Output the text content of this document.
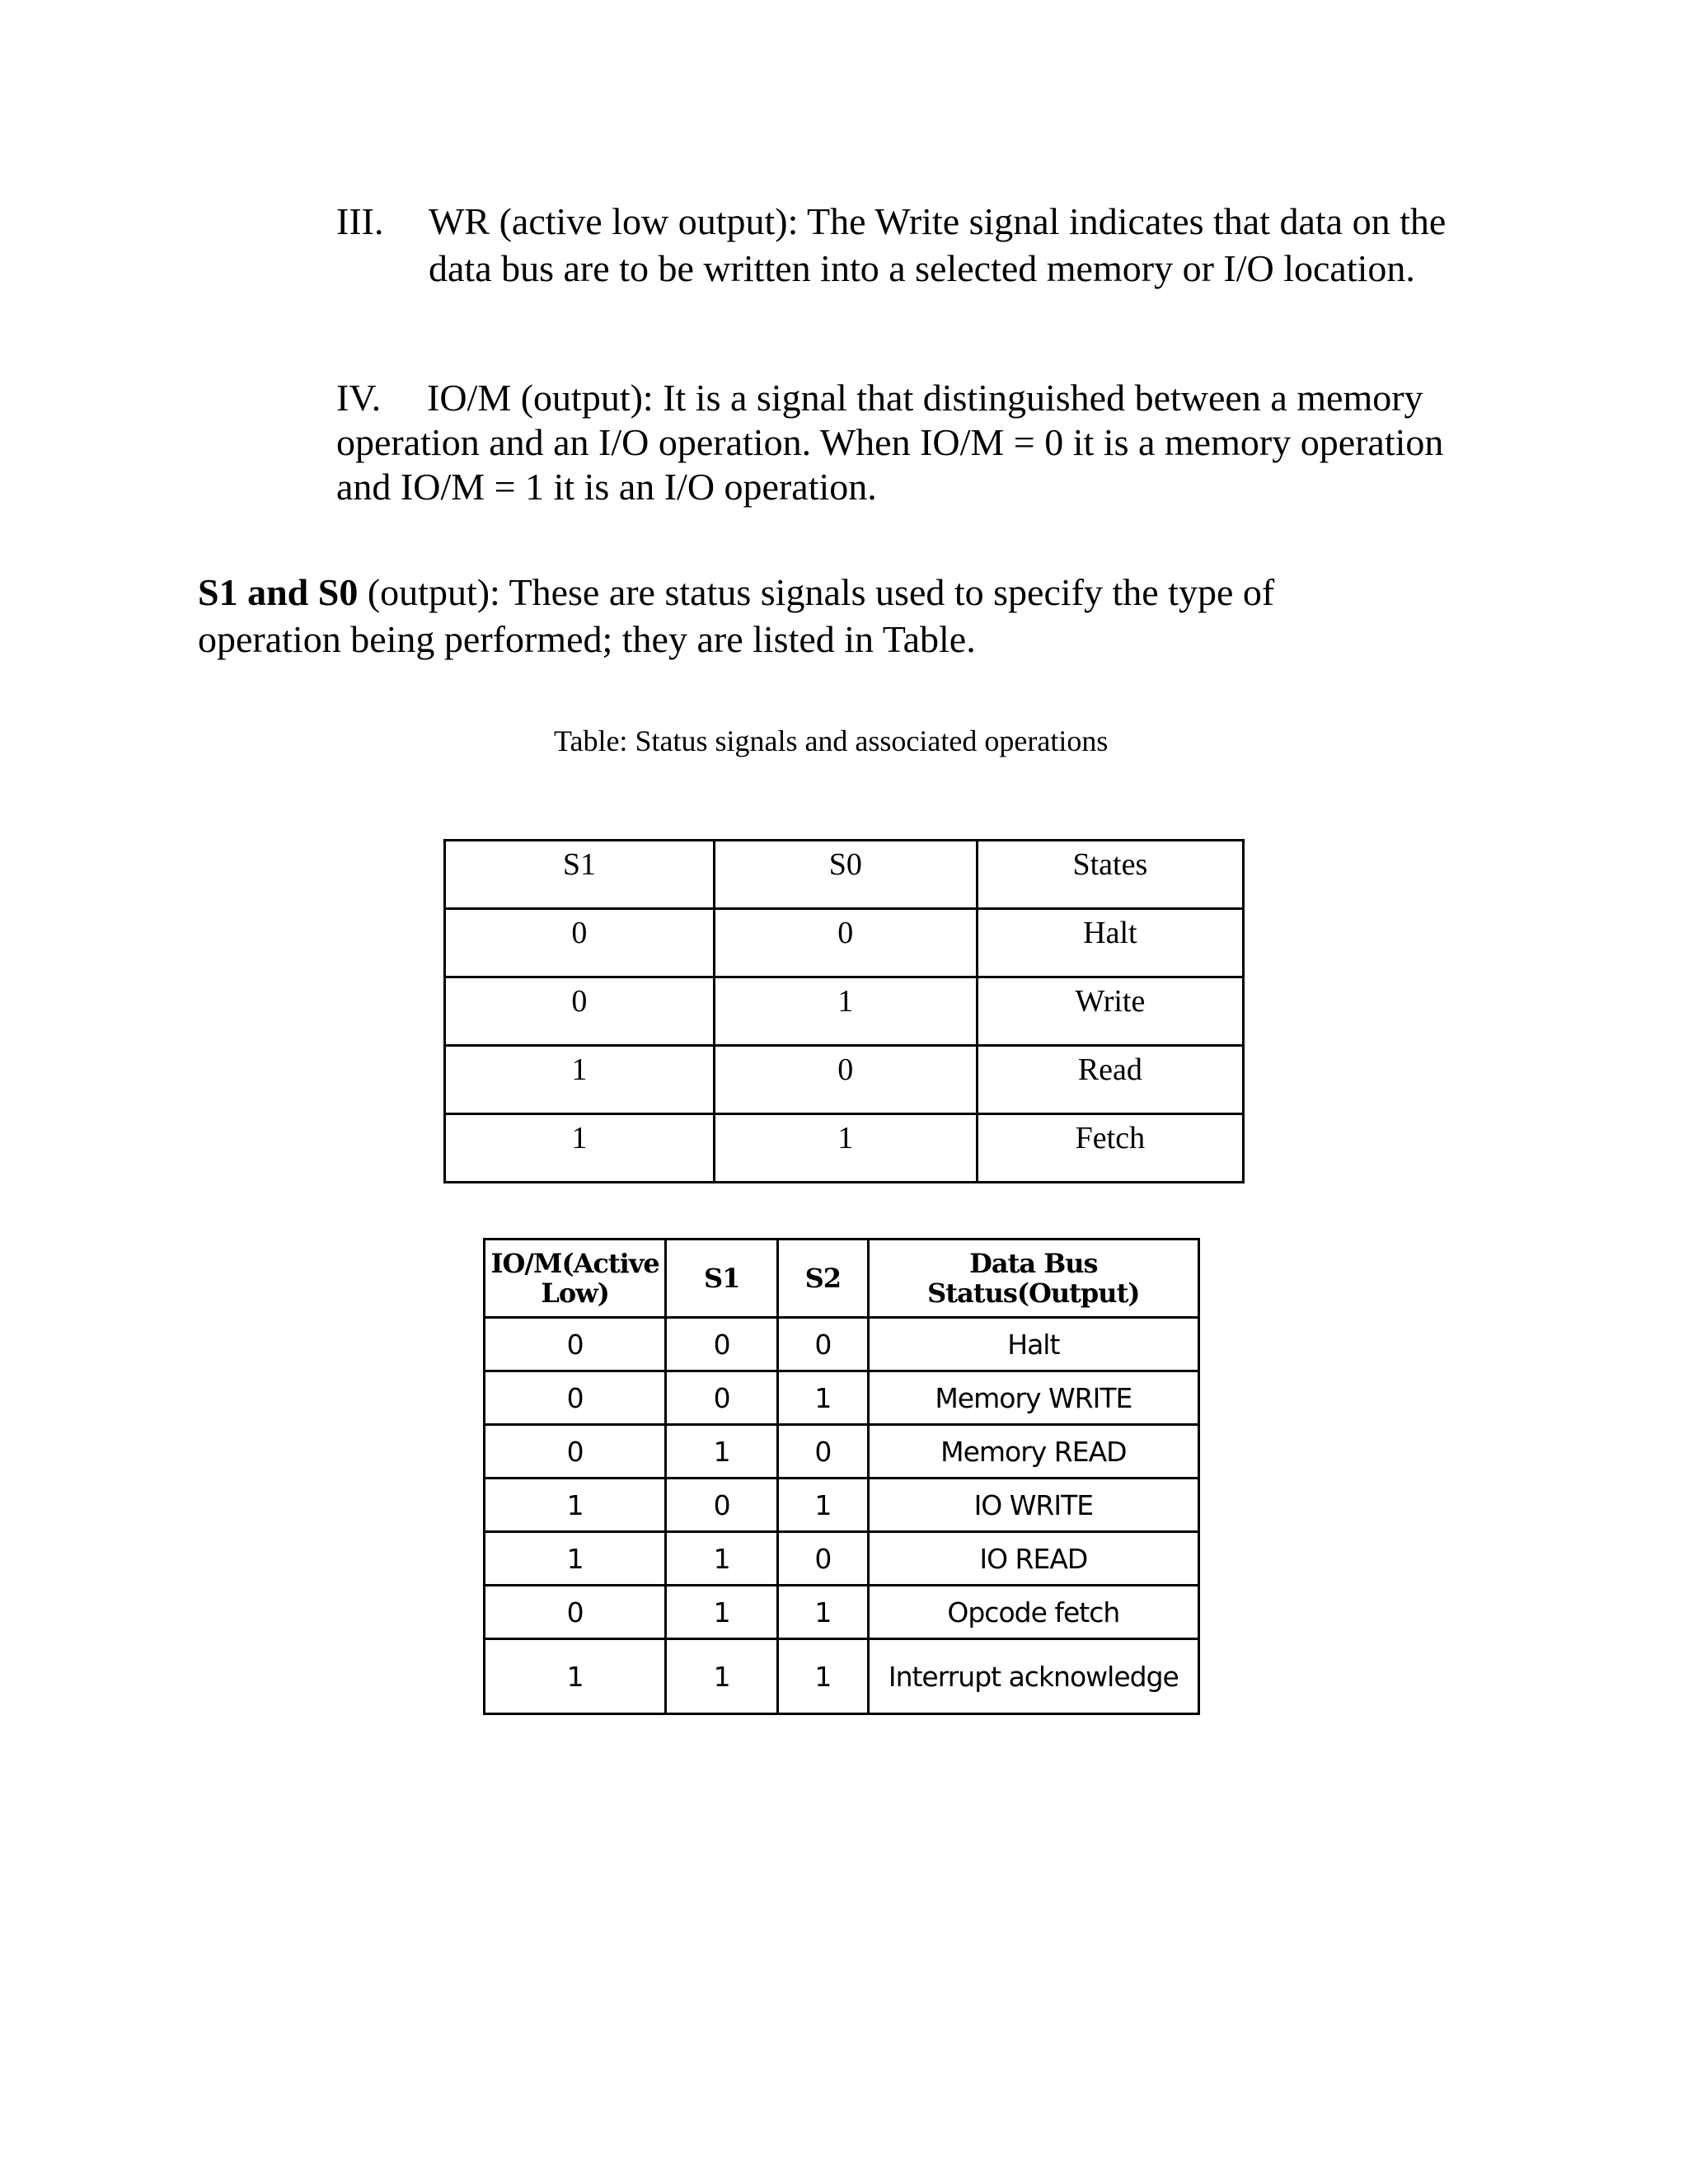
III. WR (active low output): The Write signal indicates that data on the data bus are to be written into a selected memory or I/O location.
IV. IO/M (output): It is a signal that distinguished between a memory operation and an I/O operation. When IO/M = 0 it is a memory operation and IO/M = 1 it is an I/O operation.
S1 and S0 (output): These are status signals used to specify the type of operation being performed; they are listed in Table.
Table: Status signals and associated operations
S1	S0	States
0	0	Halt
0	1	Write
1	0	Read
1	1	Fetch
IO/M(Active Low)	S1	S2	Data Bus Status(Output)
0	0	0	Halt
0	0	1	Memory WRITE
0	1	0	Memory READ
1	0	1	IO WRITE
1	1	0	IO READ
0	1	1	Opcode fetch
1	1	1	Interrupt acknowledge
